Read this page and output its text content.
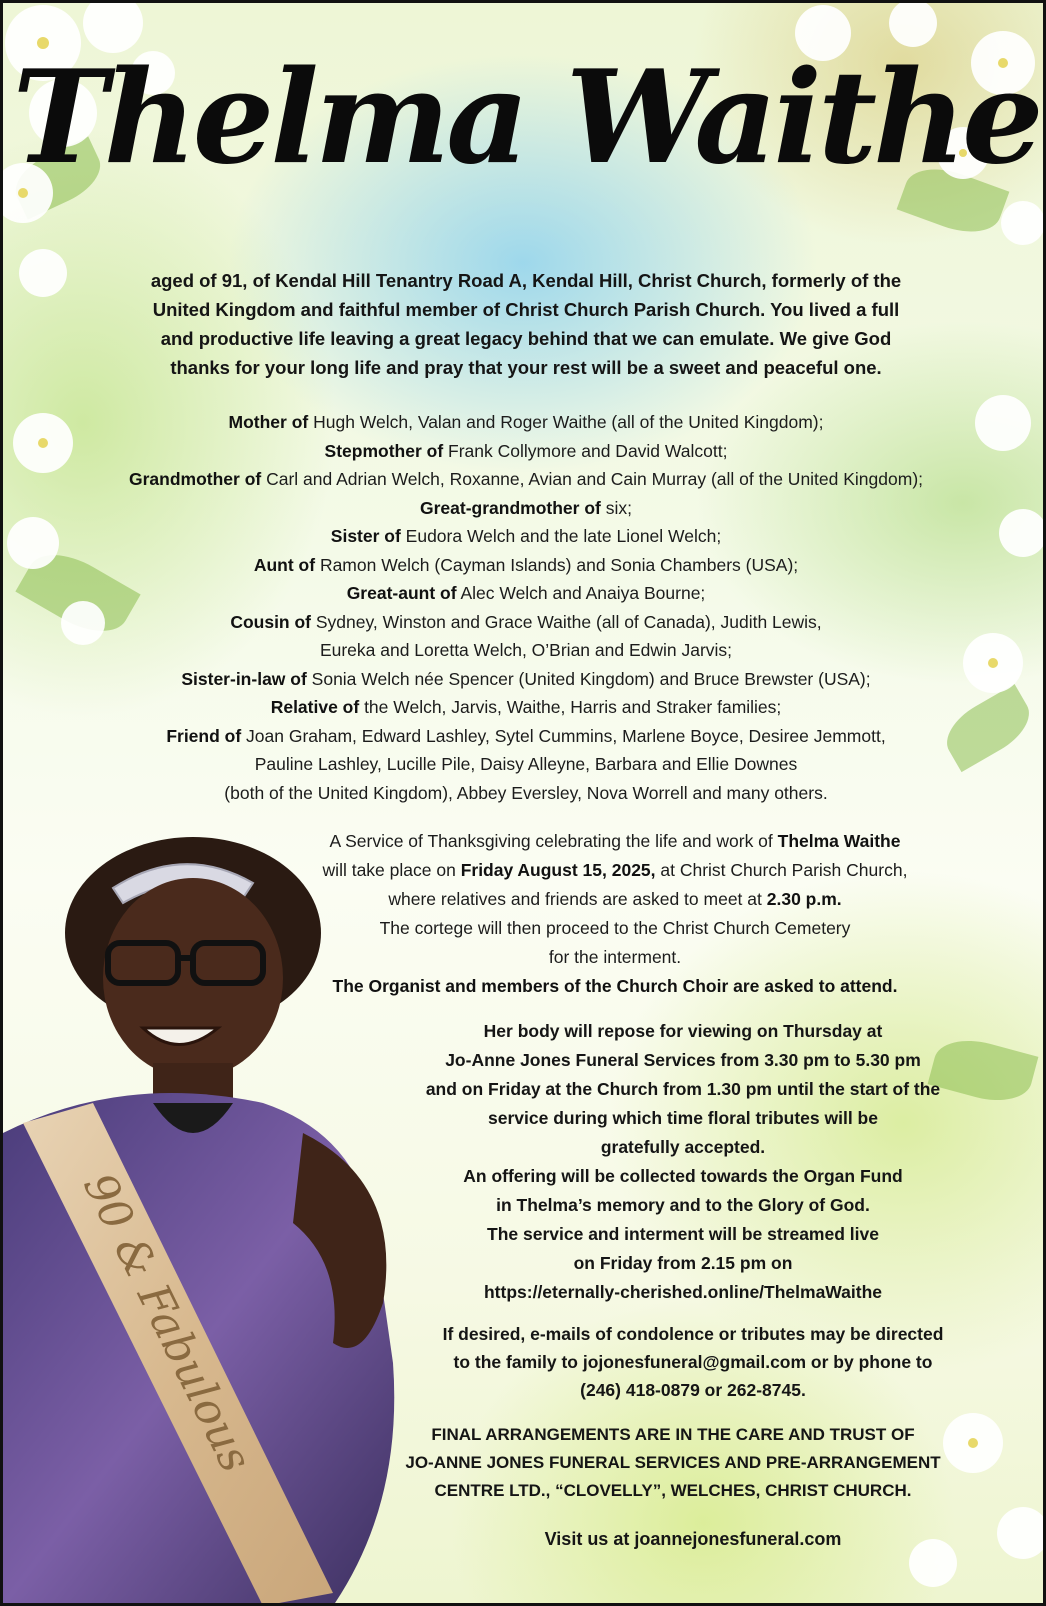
90 & Fabulous
Thelma Waithe
aged of 91, of Kendal Hill Tenantry Road A, Kendal Hill, Christ Church, formerly of the
United Kingdom and faithful member of Christ Church Parish Church. You lived a full
and productive life leaving a great legacy behind that we can emulate. We give God
thanks for your long life and pray that your rest will be a sweet and peaceful one.
Mother of Hugh Welch, Valan and Roger Waithe (all of the United Kingdom);
Stepmother of Frank Collymore and David Walcott;
Grandmother of Carl and Adrian Welch, Roxanne, Avian and Cain Murray (all of the United Kingdom);
Great-grandmother of six;
Sister of Eudora Welch and the late Lionel Welch;
Aunt of Ramon Welch (Cayman Islands) and Sonia Chambers (USA);
Great-aunt of Alec Welch and Anaiya Bourne;
Cousin of Sydney, Winston and Grace Waithe (all of Canada), Judith Lewis,
Eureka and Loretta Welch, O’Brian and Edwin Jarvis;
Sister-in-law of Sonia Welch née Spencer (United Kingdom) and Bruce Brewster (USA);
Relative of the Welch, Jarvis, Waithe, Harris and Straker families;
Friend of Joan Graham, Edward Lashley, Sytel Cummins, Marlene Boyce, Desiree Jemmott,
Pauline Lashley, Lucille Pile, Daisy Alleyne, Barbara and Ellie Downes
(both of the United Kingdom), Abbey Eversley, Nova Worrell and many others.
A Service of Thanksgiving celebrating the life and work of Thelma Waithe
will take place on Friday August 15, 2025, at Christ Church Parish Church,
where relatives and friends are asked to meet at 2.30 p.m.
The cortege will then proceed to the Christ Church Cemetery
for the interment.
The Organist and members of the Church Choir are asked to attend.
Her body will repose for viewing on Thursday at
Jo-Anne Jones Funeral Services from 3.30 pm to 5.30 pm
and on Friday at the Church from 1.30 pm until the start of the
service during which time floral tributes will be
gratefully accepted.
An offering will be collected towards the Organ Fund
in Thelma’s memory and to the Glory of God.
The service and interment will be streamed live
on Friday from 2.15 pm on
https://eternally-cherished.online/ThelmaWaithe
If desired, e-mails of condolence or tributes may be directed
to the family to jojonesfuneral@gmail.com or by phone to
(246) 418-0879 or 262-8745.
FINAL ARRANGEMENTS ARE IN THE CARE AND TRUST OF
JO-ANNE JONES FUNERAL SERVICES AND PRE-ARRANGEMENT
CENTRE LTD., “CLOVELLY”, WELCHES, CHRIST CHURCH.
Visit us at joannejonesfuneral.com
